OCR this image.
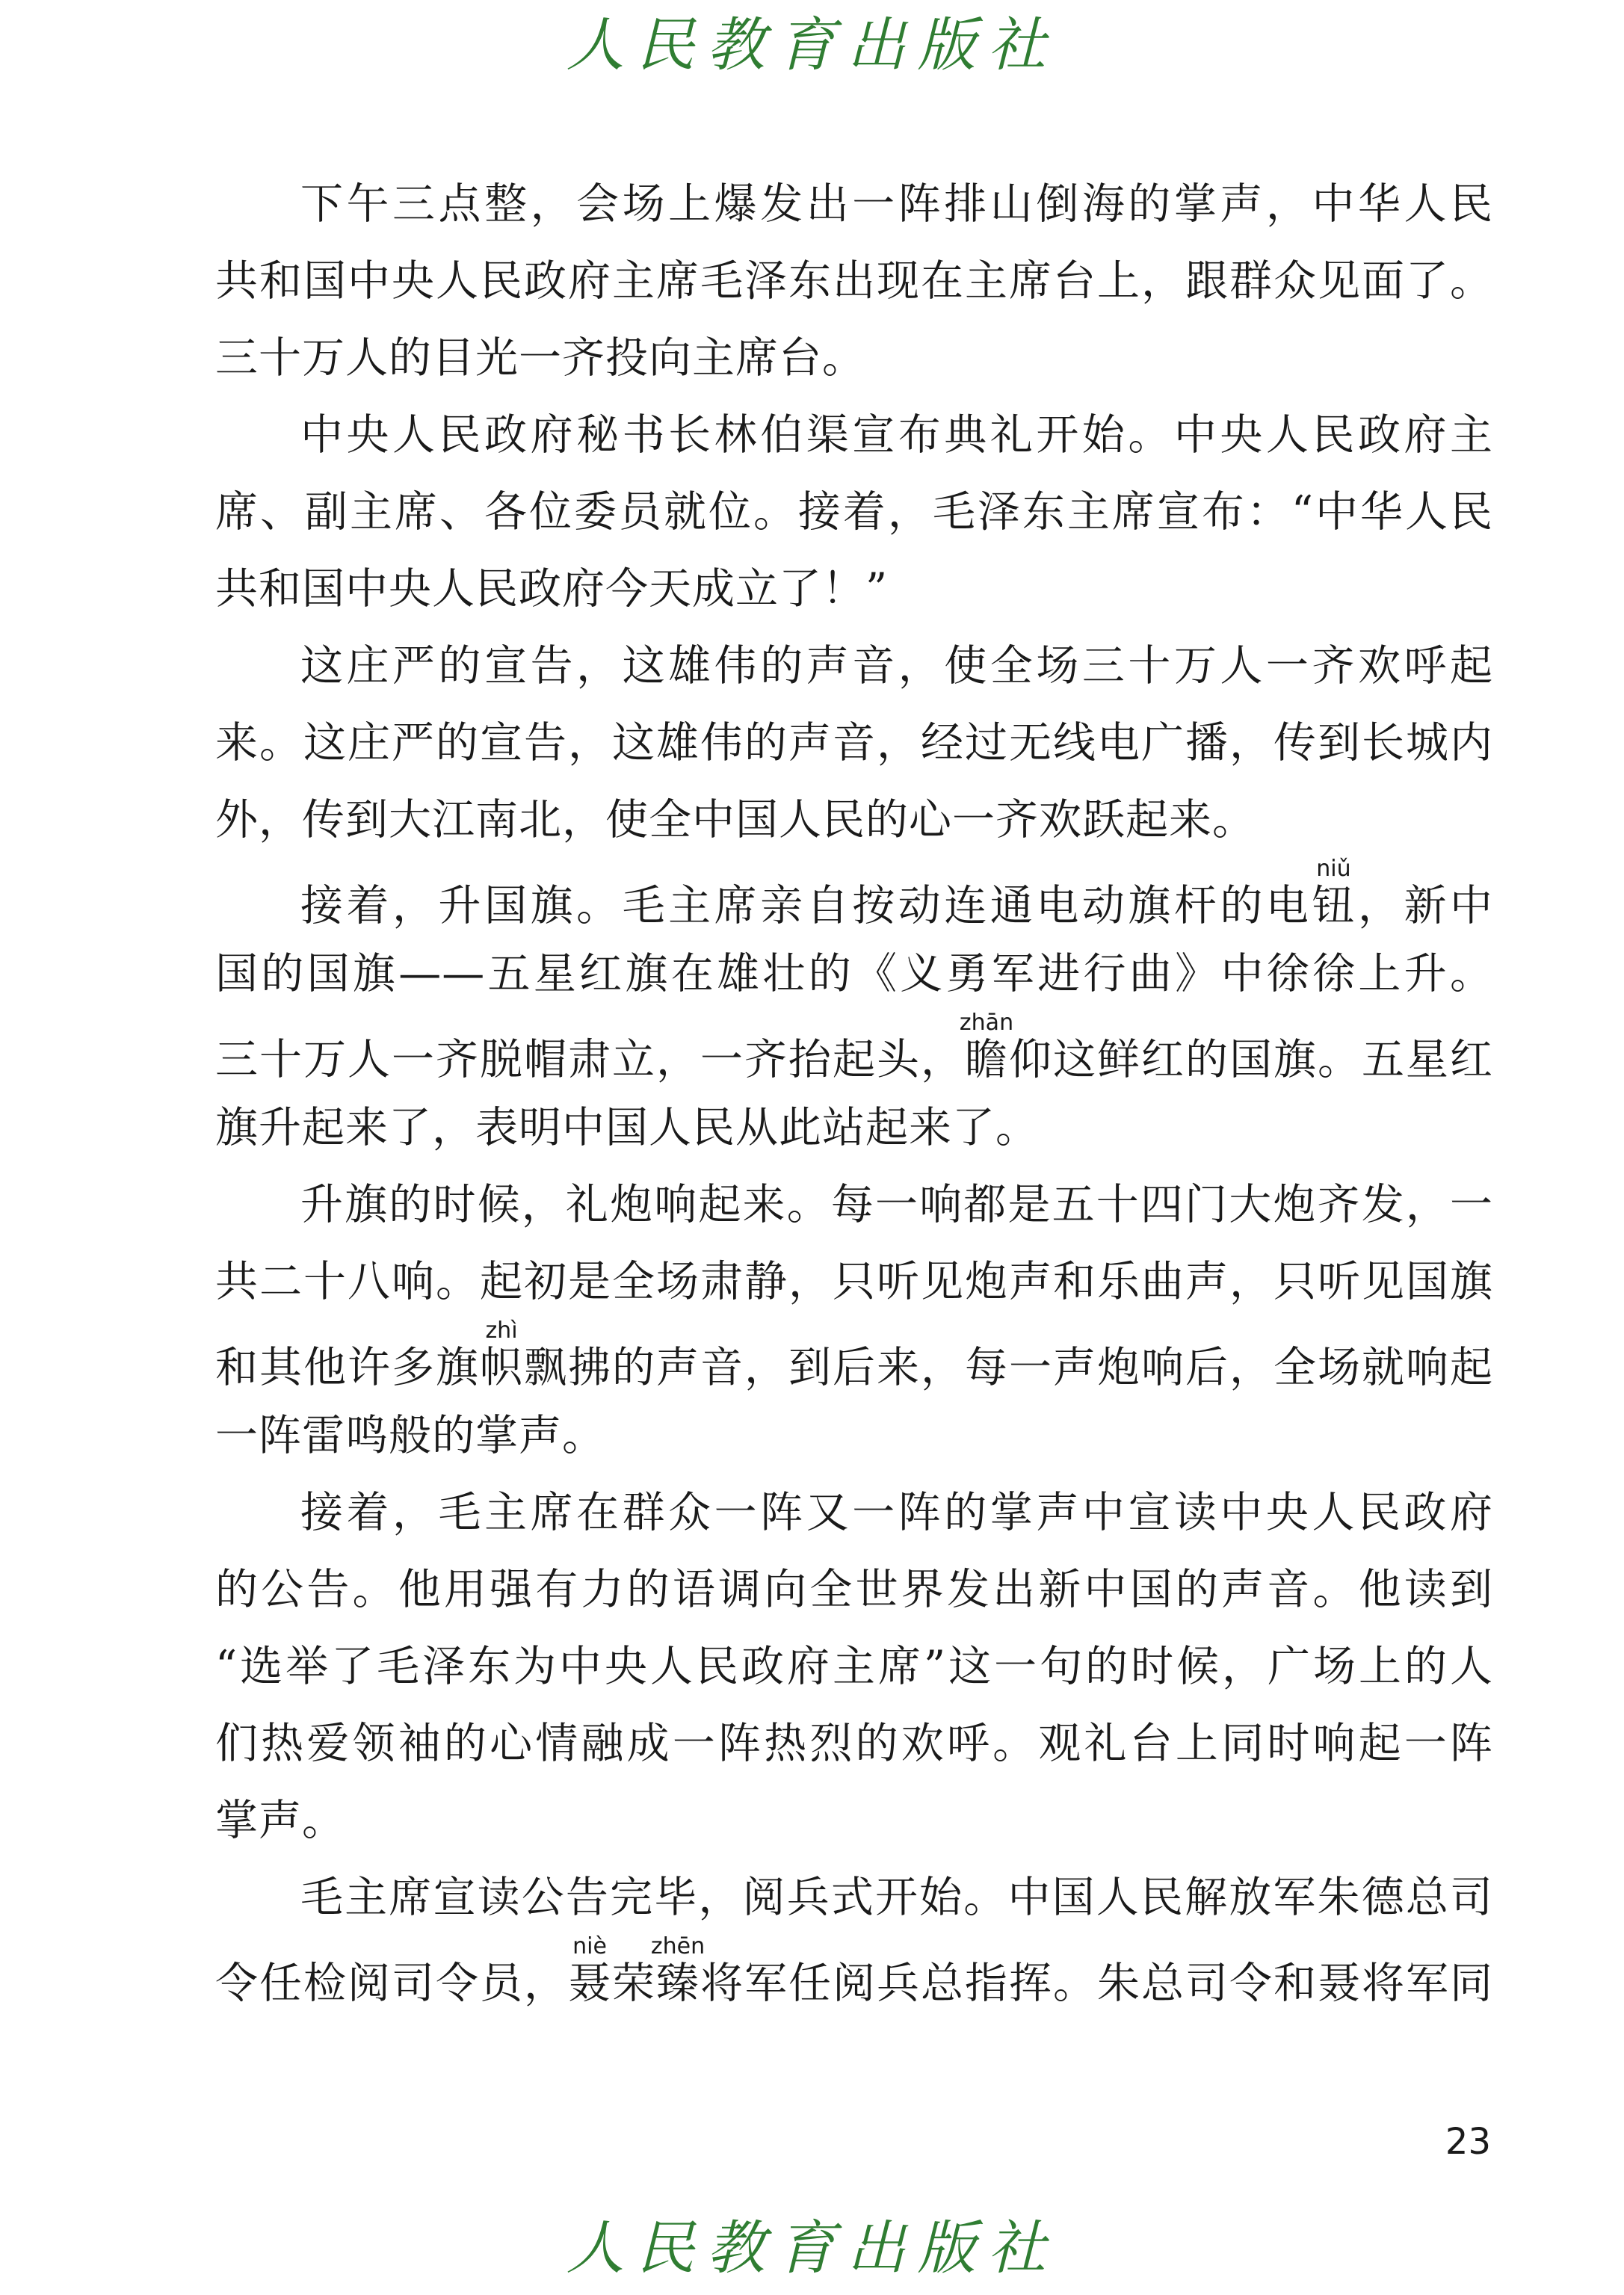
人民教育出版社
下午三点整，会场上爆发出一阵排山倒海的掌声，中华人民
共和国中央人民政府主席毛泽东出现在主席台上，跟群众见面了。
三十万人的目光一齐投向主席台。
中央人民政府秘书长林伯渠宣布典礼开始。中央人民政府主
席、副主席、各位委员就位。接着，毛泽东主席宣布：“中华人民
共和国中央人民政府今天成立了！”
这庄严的宣告，这雄伟的声音，使全场三十万人一齐欢呼起
来。这庄严的宣告，这雄伟的声音，经过无线电广播，传到长城内
外，传到大江南北，使全中国人民的心一齐欢跃起来。
接着，升国旗。毛主席亲自按动连通电动旗杆的电钮niǔ，新中
国的国旗——五星红旗在雄壮的《义勇军进行曲》中徐徐上升。
三十万人一齐脱帽肃立，一齐抬起头，瞻zhān仰这鲜红的国旗。五星红
旗升起来了，表明中国人民从此站起来了。
升旗的时候，礼炮响起来。每一响都是五十四门大炮齐发，一
共二十八响。起初是全场肃静，只听见炮声和乐曲声，只听见国旗
和其他许多旗帜zhì飘拂的声音，到后来，每一声炮响后，全场就响起
一阵雷鸣般的掌声。
接着，毛主席在群众一阵又一阵的掌声中宣读中央人民政府
的公告。他用强有力的语调向全世界发出新中国的声音。他读到
“选举了毛泽东为中央人民政府主席”这一句的时候，广场上的人
们热爱领袖的心情融成一阵热烈的欢呼。观礼台上同时响起一阵
掌声。
毛主席宣读公告完毕，阅兵式开始。中国人民解放军朱德总司
令任检阅司令员，聂niè荣臻zhēn将军任阅兵总指挥。朱总司令和聂将军同
23
人民教育出版社
